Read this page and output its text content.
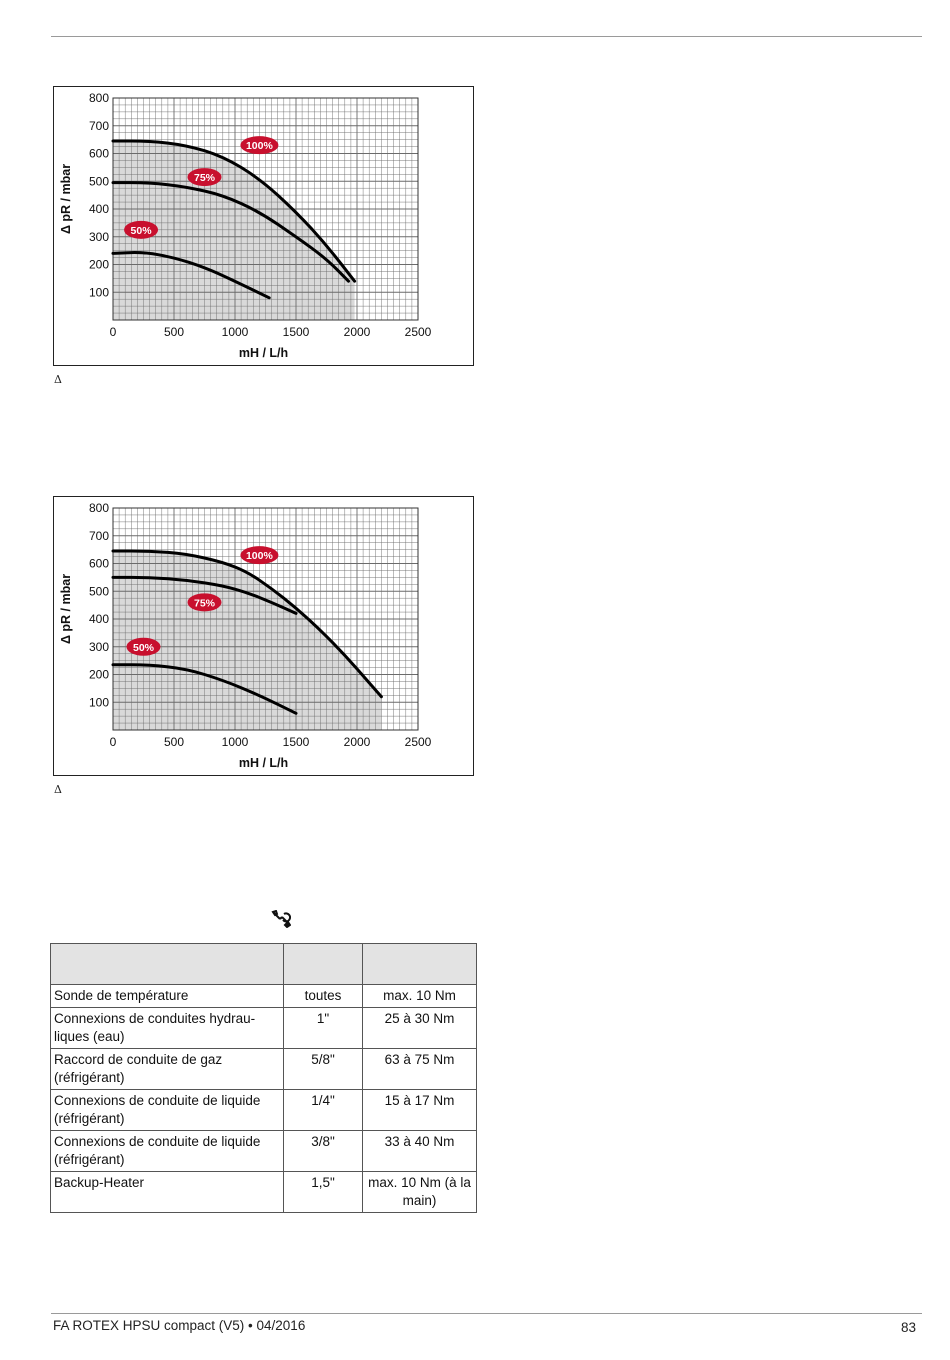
100
200
300
400
500
600
700
800
0	500	1000	1500	2000	2500
mH / L/h
Δ pR / mbar
100%
75%
50%
Δ
100
200
300
400
500
600
700
800
0	500	1000	1500	2000	2500
mH / L/h
Δ pR / mbar
100%
75%
50%
Δ

Sonde de température	toutes	max. 10 Nm
Connexions de conduites hydrau-liques (eau)	1"	25 à 30 Nm
Raccord de conduite de gaz (réfrigérant)	5/8"	63 à 75 Nm
Connexions de conduite de liquide (réfrigérant)	1/4"	15 à 17 Nm
Connexions de conduite de liquide (réfrigérant)	3/8"	33 à 40 Nm
Backup-Heater	1,5"	max. 10 Nm (à la main)
FA ROTEX HPSU compact (V5) • 04/2016	83
